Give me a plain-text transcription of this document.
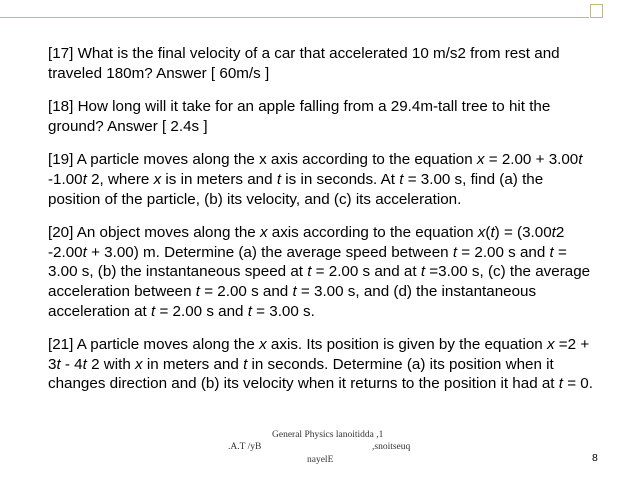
[17] What is the final velocity of a car that accelerated 10 m/s2 from rest and traveled 180m? Answer [ 60m/s ]

[18] How long will it take for an apple falling from a 29.4m-tall tree to hit the ground? Answer [ 2.4s ]

[19] A particle moves along the x axis according to the equation x = 2.00 + 3.00t -1.00t 2, where x is in meters and t is in seconds. At t = 3.00 s, find (a) the position of the particle, (b) its velocity, and (c) its acceleration.

[20] An object moves along the x axis according to the equation x(t) = (3.00t2 -2.00t + 3.00) m. Determine (a) the average speed between t = 2.00 s and t = 3.00 s, (b) the instantaneous speed at t = 2.00 s and at t =3.00 s, (c) the average acceleration between t = 2.00 s and t = 3.00 s, and (d) the instantaneous acceleration at t = 2.00 s and t = 3.00 s.

[21] A particle moves along the x axis. Its position is given by the equation x =2 + 3t - 4t 2 with x in meters and t in seconds. Determine (a) its position when it changes direction and (b) its velocity when it returns to the position it had at t = 0.

General Physics lanoitidda ,1
.A.T /yB	,snoitseuq
nayelE	8
